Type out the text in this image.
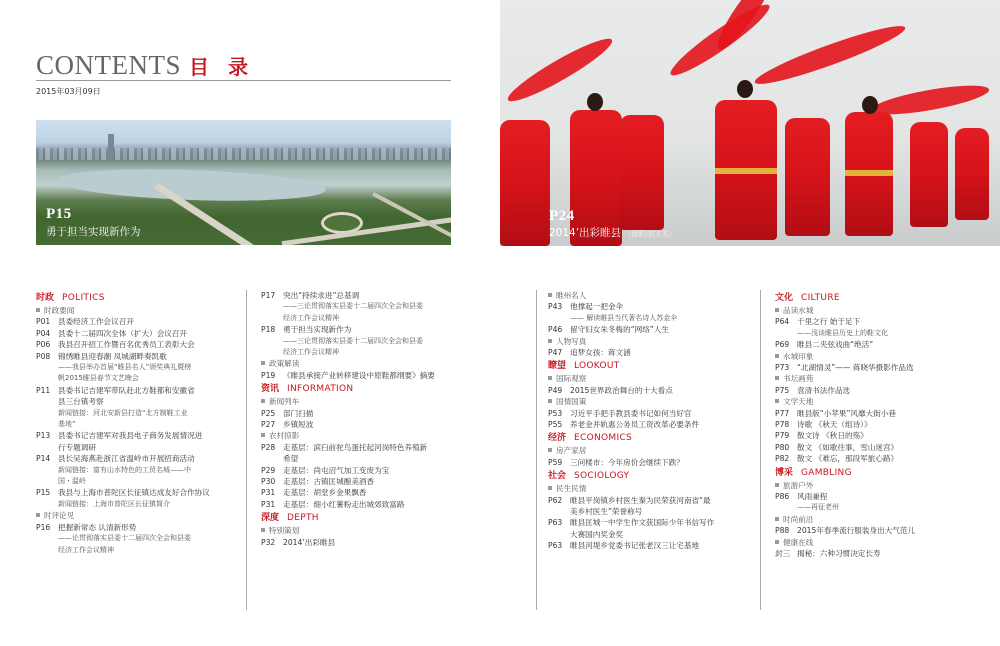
CONTENTS 目 录
2015年03月09日
P15
勇于担当实现新作为
P24
2014’出彩睢县 （摄影/刘文杰）
时政 POLITICS
时政要闻
P01	县委经济工作会议召开
P04	县委十二届四次全体（扩大）会议召开
P06	我县召开招工作暨百名优秀员工表彰大会
P08	锦绣睢县迎春潮 凤城湖畔奏凯歌
——我县举办首届“睢县名人”颁奖典礼暨榜
帆2015睢县春节文艺晚会
P11	县委书记吉建军带队赴北方鞋都和安徽省
县三台镇考察
新闻链接：河北安新县打造“北方制鞋工业
基地”
P13	县委书记吉建军对我县电子商务发展情况进
行专题调研
P14	县长吴海燕赴浙江省温岭市开展招商活动
新闻链接：富有山水特色的工贸名城——中
国・温岭
P15	我县与上海市普陀区长征镇达成友好合作协议
新闻链接：上海市普陀区长征镇简介
时评论见
P16	把握新常态 认清新形势
——论贯彻落实县委十二届四次全会和县委
经济工作会议精神
P17	突出“持续求进”总基调
——三论贯彻落实县委十二届四次全会和县委
经济工作会议精神
P18	勇于担当实现新作为
——三论贯彻落实县委十二届四次全会和县委
经济工作会议精神
政策解读
P19	《睢县承接产业转移建设中原鞋都纲要》摘要
资讯 INFORMATION
新闻列车
P25	部门扫描
P27	乡镇短波
农村掠影
P28	走基层：滨臼前驼鸟蛋托起河岗特色养殖新
希望
P29	走基层：尚屯沼气加工变废为宝
P30	走基层：古镇匡城酿美酒香
P31	走基层：胡堂乡金果飘香
P31	走基层：细小红薯粉走出城郊致富路
深度 DEPTH
特别策划
P32	2014’出彩睢县
睢州名人
P43	他撑起一把金伞
—— 解读睢县当代著名诗人苏金伞
P46	留守妇女朱冬梅的“网络”人生
人物写真
P47	追梦女孩：蒋文涵
瞭望 LOOKOUT
国际观察
P49	2015世界政治舞台的十大看点
国情国策
P53	习近平手把手教县委书记如何当好官
P55	养老金并轨惠公务员工资改革必要条件
经济 ECONOMICS
房产家居
P59	三问楼市：今年房价会继续下跌？
社会 SOCIOLOGY
民生民情
P62	睢县平岗镇乡村医生秦为民荣获河南省“最
美乡村医生”荣誉称号
P63	睢县匡城一中学生作文获国际少年书信写作
大赛国内奖金奖
P63	睢县河堤乡党委书记张老汉三让宅基地
文化 CILTURE
品读水城
P64	千里之行 始于足下
——浅谈睢县历史上的鞋文化
P69	睢县二夹弦戏曲“绝活”
水城印象
P73	“北湖情灵”—— 蒋晓华摄影作品选
书坛画苑
P75	袁清书法作品选
文学天地
P77	睢县版“小苹果”风靡大街小巷
P78	诗歌 《秋天（组诗）》
P79	散文诗 《秋日的殇》
P80	散文 《如歌往事，雪山迷宫》
P82	散文 《难忘，那段军旅心路》
博采 GAMBLING
旅游户外
P86	风雨兼程
——再征老州
时尚前沿
P88	2015年春季流行服装身出大气范儿
健康在线
封三 揭秘：六种习惯决定长寿
